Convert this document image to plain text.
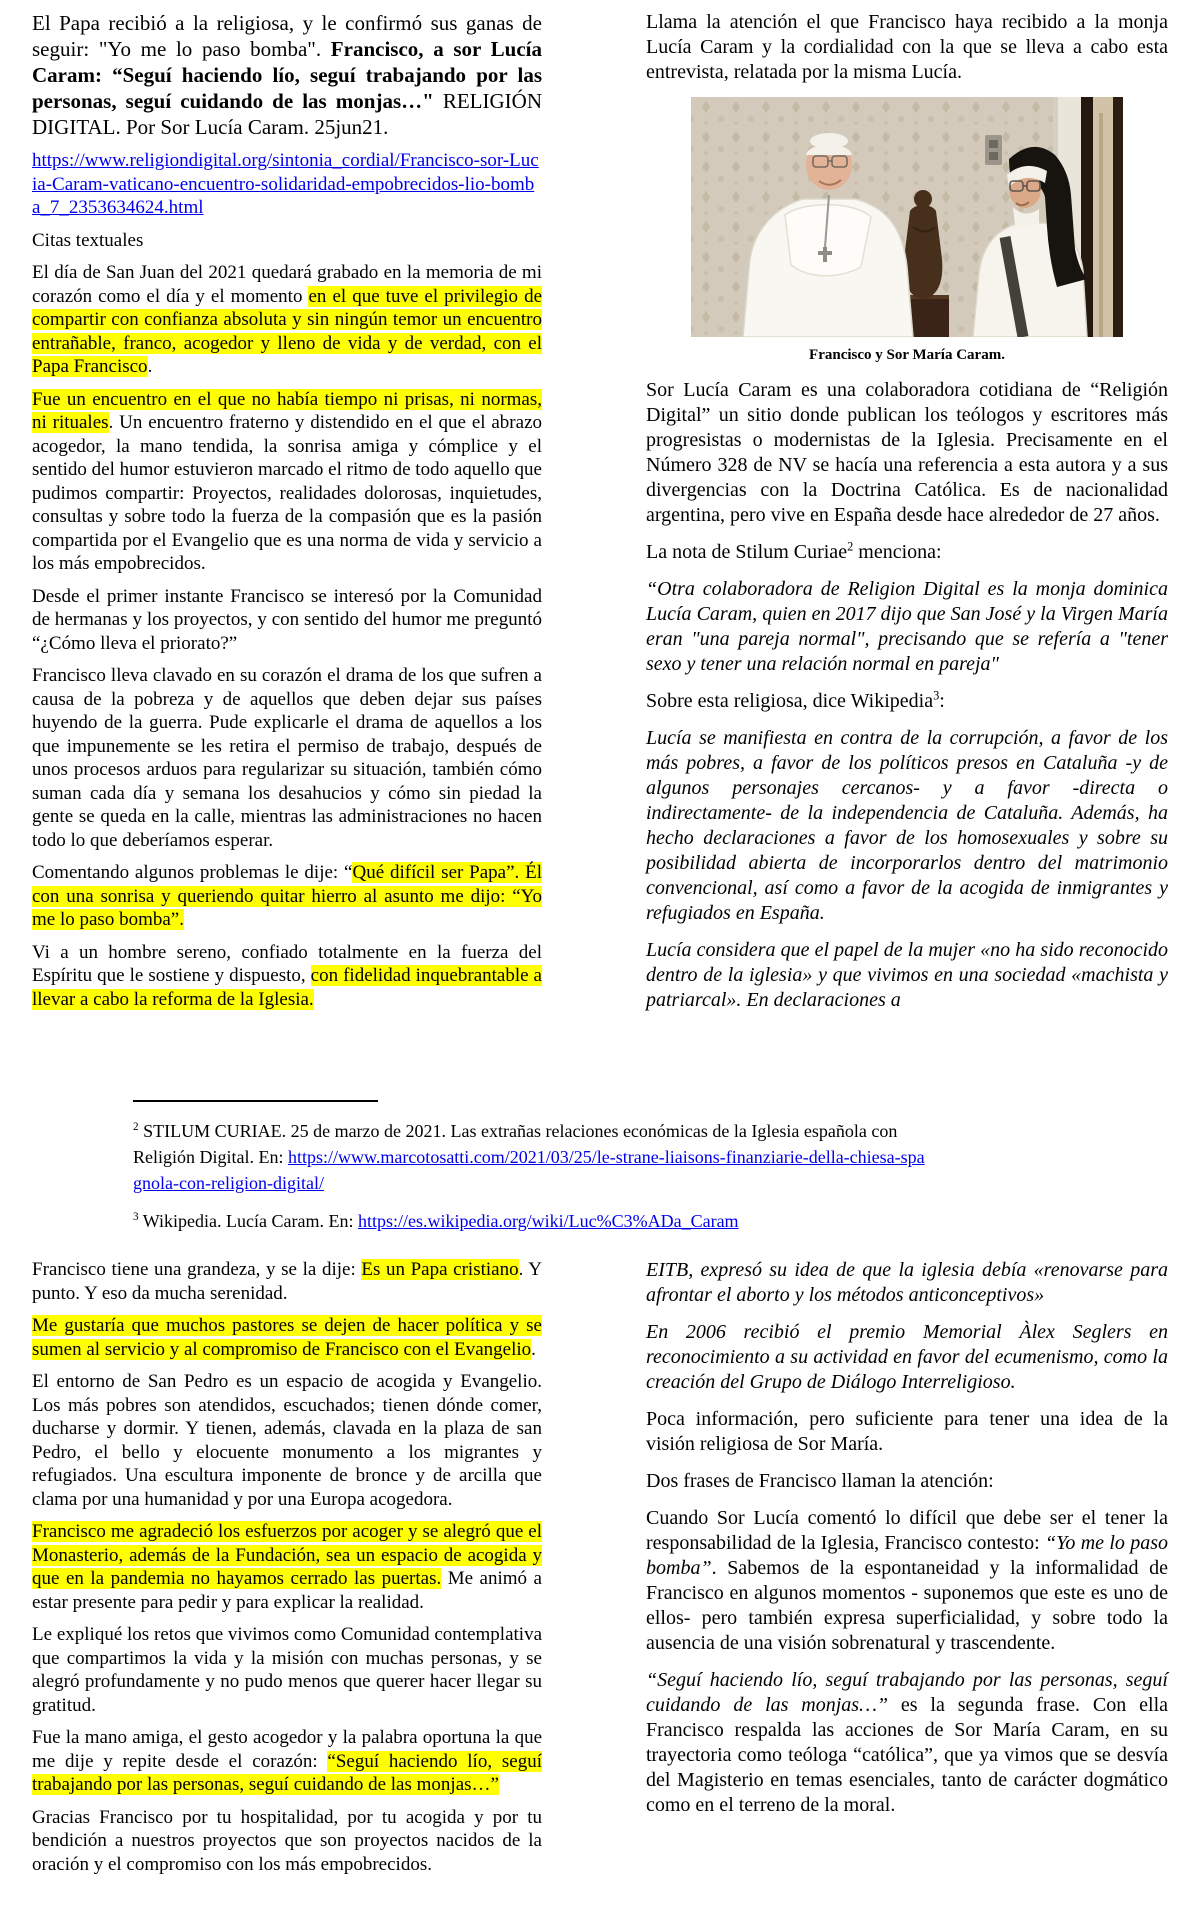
El Papa recibió a la religiosa, y le confirmó sus ganas de seguir: "Yo me lo paso bomba". Francisco, a sor Lucía Caram: “Seguí haciendo lío, seguí trabajando por las personas, seguí cuidando de las monjas…" RELIGIÓN DIGITAL. Por Sor Lucía Caram. 25jun21.

https://www.religiondigital.org/sintonia_cordial/Francisco-sor-Lucia-Caram-vaticano-encuentro-solidaridad-empobrecidos-lio-bomba_7_2353634624.html

Citas textuales

El día de San Juan del 2021 quedará grabado en la memoria de mi corazón como el día y el momento en el que tuve el privilegio de compartir con confianza absoluta y sin ningún temor un encuentro entrañable, franco, acogedor y lleno de vida y de verdad, con el Papa Francisco.

Fue un encuentro en el que no había tiempo ni prisas, ni normas, ni rituales. Un encuentro fraterno y distendido en el que el abrazo acogedor, la mano tendida, la sonrisa amiga y cómplice y el sentido del humor estuvieron marcado el ritmo de todo aquello que pudimos compartir: Proyectos, realidades dolorosas, inquietudes, consultas y sobre todo la fuerza de la compasión que es la pasión compartida por el Evangelio que es una norma de vida y servicio a los más empobrecidos.

Desde el primer instante Francisco se interesó por la Comunidad de hermanas y los proyectos, y con sentido del humor me preguntó “¿Cómo lleva el priorato?”

Francisco lleva clavado en su corazón el drama de los que sufren a causa de la pobreza y de aquellos que deben dejar sus países huyendo de la guerra. Pude explicarle el drama de aquellos a los que impunemente se les retira el permiso de trabajo, después de unos procesos arduos para regularizar su situación, también cómo suman cada día y semana los desahucios y cómo sin piedad la gente se queda en la calle, mientras las administraciones no hacen todo lo que deberíamos esperar.

Comentando algunos problemas le dije: “Qué difícil ser Papa”. Él con una sonrisa y queriendo quitar hierro al asunto me dijo: “Yo me lo paso bomba”.

Vi a un hombre sereno, confiado totalmente en la fuerza del Espíritu que le sostiene y dispuesto, con fidelidad inquebrantable a llevar a cabo la reforma de la Iglesia.

Llama la atención el que Francisco haya recibido a la monja Lucía Caram y la cordialidad con la que se lleva a cabo esta entrevista, relatada por la misma Lucía.

Francisco y Sor María Caram.

Sor Lucía Caram es una colaboradora cotidiana de “Religión Digital” un sitio donde publican los teólogos y escritores más progresistas o modernistas de la Iglesia. Precisamente en el Número 328 de NV se hacía una referencia a esta autora y a sus divergencias con la Doctrina Católica. Es de nacionalidad argentina, pero vive en España desde hace alrededor de 27 años.

La nota de Stilum Curiae$^2$ menciona:

“Otra colaboradora de Religion Digital es la monja dominica Lucía Caram, quien en 2017 dijo que San José y la Virgen María eran "una pareja normal", precisando que se refería a "tener sexo y tener una relación normal en pareja"

Sobre esta religiosa, dice Wikipedia$^3$:

Lucía se manifiesta en contra de la corrupción, a favor de los más pobres, a favor de los políticos presos en Cataluña -y de algunos personajes cercanos- y a favor -directa o indirectamente- de la independencia de Cataluña. Además, ha hecho declaraciones a favor de los homosexuales y sobre su posibilidad abierta de incorporarlos dentro del matrimonio convencional, así como a favor de la acogida de inmigrantes y refugiados en España.

Lucía considera que el papel de la mujer «no ha sido reconocido dentro de la iglesia» y que vivimos en una sociedad «machista y patriarcal». En declaraciones a

$^2$ STILUM CURIAE. 25 de marzo de 2021. Las extrañas relaciones económicas de la Iglesia española con Religión Digital. En: https://www.marcotosatti.com/2021/03/25/le-strane-liaisons-finanziarie-della-chiesa-spagnola-con-religion-digital/

$^3$ Wikipedia. Lucía Caram. En: https://es.wikipedia.org/wiki/Luc%C3%ADa_Caram

Francisco tiene una grandeza, y se la dije: Es un Papa cristiano. Y punto. Y eso da mucha serenidad.

Me gustaría que muchos pastores se dejen de hacer política y se sumen al servicio y al compromiso de Francisco con el Evangelio.

El entorno de San Pedro es un espacio de acogida y Evangelio. Los más pobres son atendidos, escuchados; tienen dónde comer, ducharse y dormir. Y tienen, además, clavada en la plaza de san Pedro, el bello y elocuente monumento a los migrantes y refugiados. Una escultura imponente de bronce y de arcilla que clama por una humanidad y por una Europa acogedora.

Francisco me agradeció los esfuerzos por acoger y se alegró que el Monasterio, además de la Fundación, sea un espacio de acogida y que en la pandemia no hayamos cerrado las puertas. Me animó a estar presente para pedir y para explicar la realidad.

Le expliqué los retos que vivimos como Comunidad contemplativa que compartimos la vida y la misión con muchas personas, y se alegró profundamente y no pudo menos que querer hacer llegar su gratitud.

Fue la mano amiga, el gesto acogedor y la palabra oportuna la que me dije y repite desde el corazón: “Seguí haciendo lío, seguí trabajando por las personas, seguí cuidando de las monjas…”

Gracias Francisco por tu hospitalidad, por tu acogida y por tu bendición a nuestros proyectos que son proyectos nacidos de la oración y el compromiso con los más empobrecidos.

EITB, expresó su idea de que la iglesia debía «renovarse para afrontar el aborto y los métodos anticonceptivos»

En 2006 recibió el premio Memorial Àlex Seglers en reconocimiento a su actividad en favor del ecumenismo, como la creación del Grupo de Diálogo Interreligioso.

Poca información, pero suficiente para tener una idea de la visión religiosa de Sor María.

Dos frases de Francisco llaman la atención:

Cuando Sor Lucía comentó lo difícil que debe ser el tener la responsabilidad de la Iglesia, Francisco contesto: “Yo me lo paso bomba”. Sabemos de la espontaneidad y la informalidad de Francisco en algunos momentos - suponemos que este es uno de ellos- pero también expresa superficialidad, y sobre todo la ausencia de una visión sobrenatural y trascendente.

“Seguí haciendo lío, seguí trabajando por las personas, seguí cuidando de las monjas…” es la segunda frase. Con ella Francisco respalda las acciones de Sor María Caram, en su trayectoria como teóloga “católica”, que ya vimos que se desvía del Magisterio en temas esenciales, tanto de carácter dogmático como en el terreno de la moral.
